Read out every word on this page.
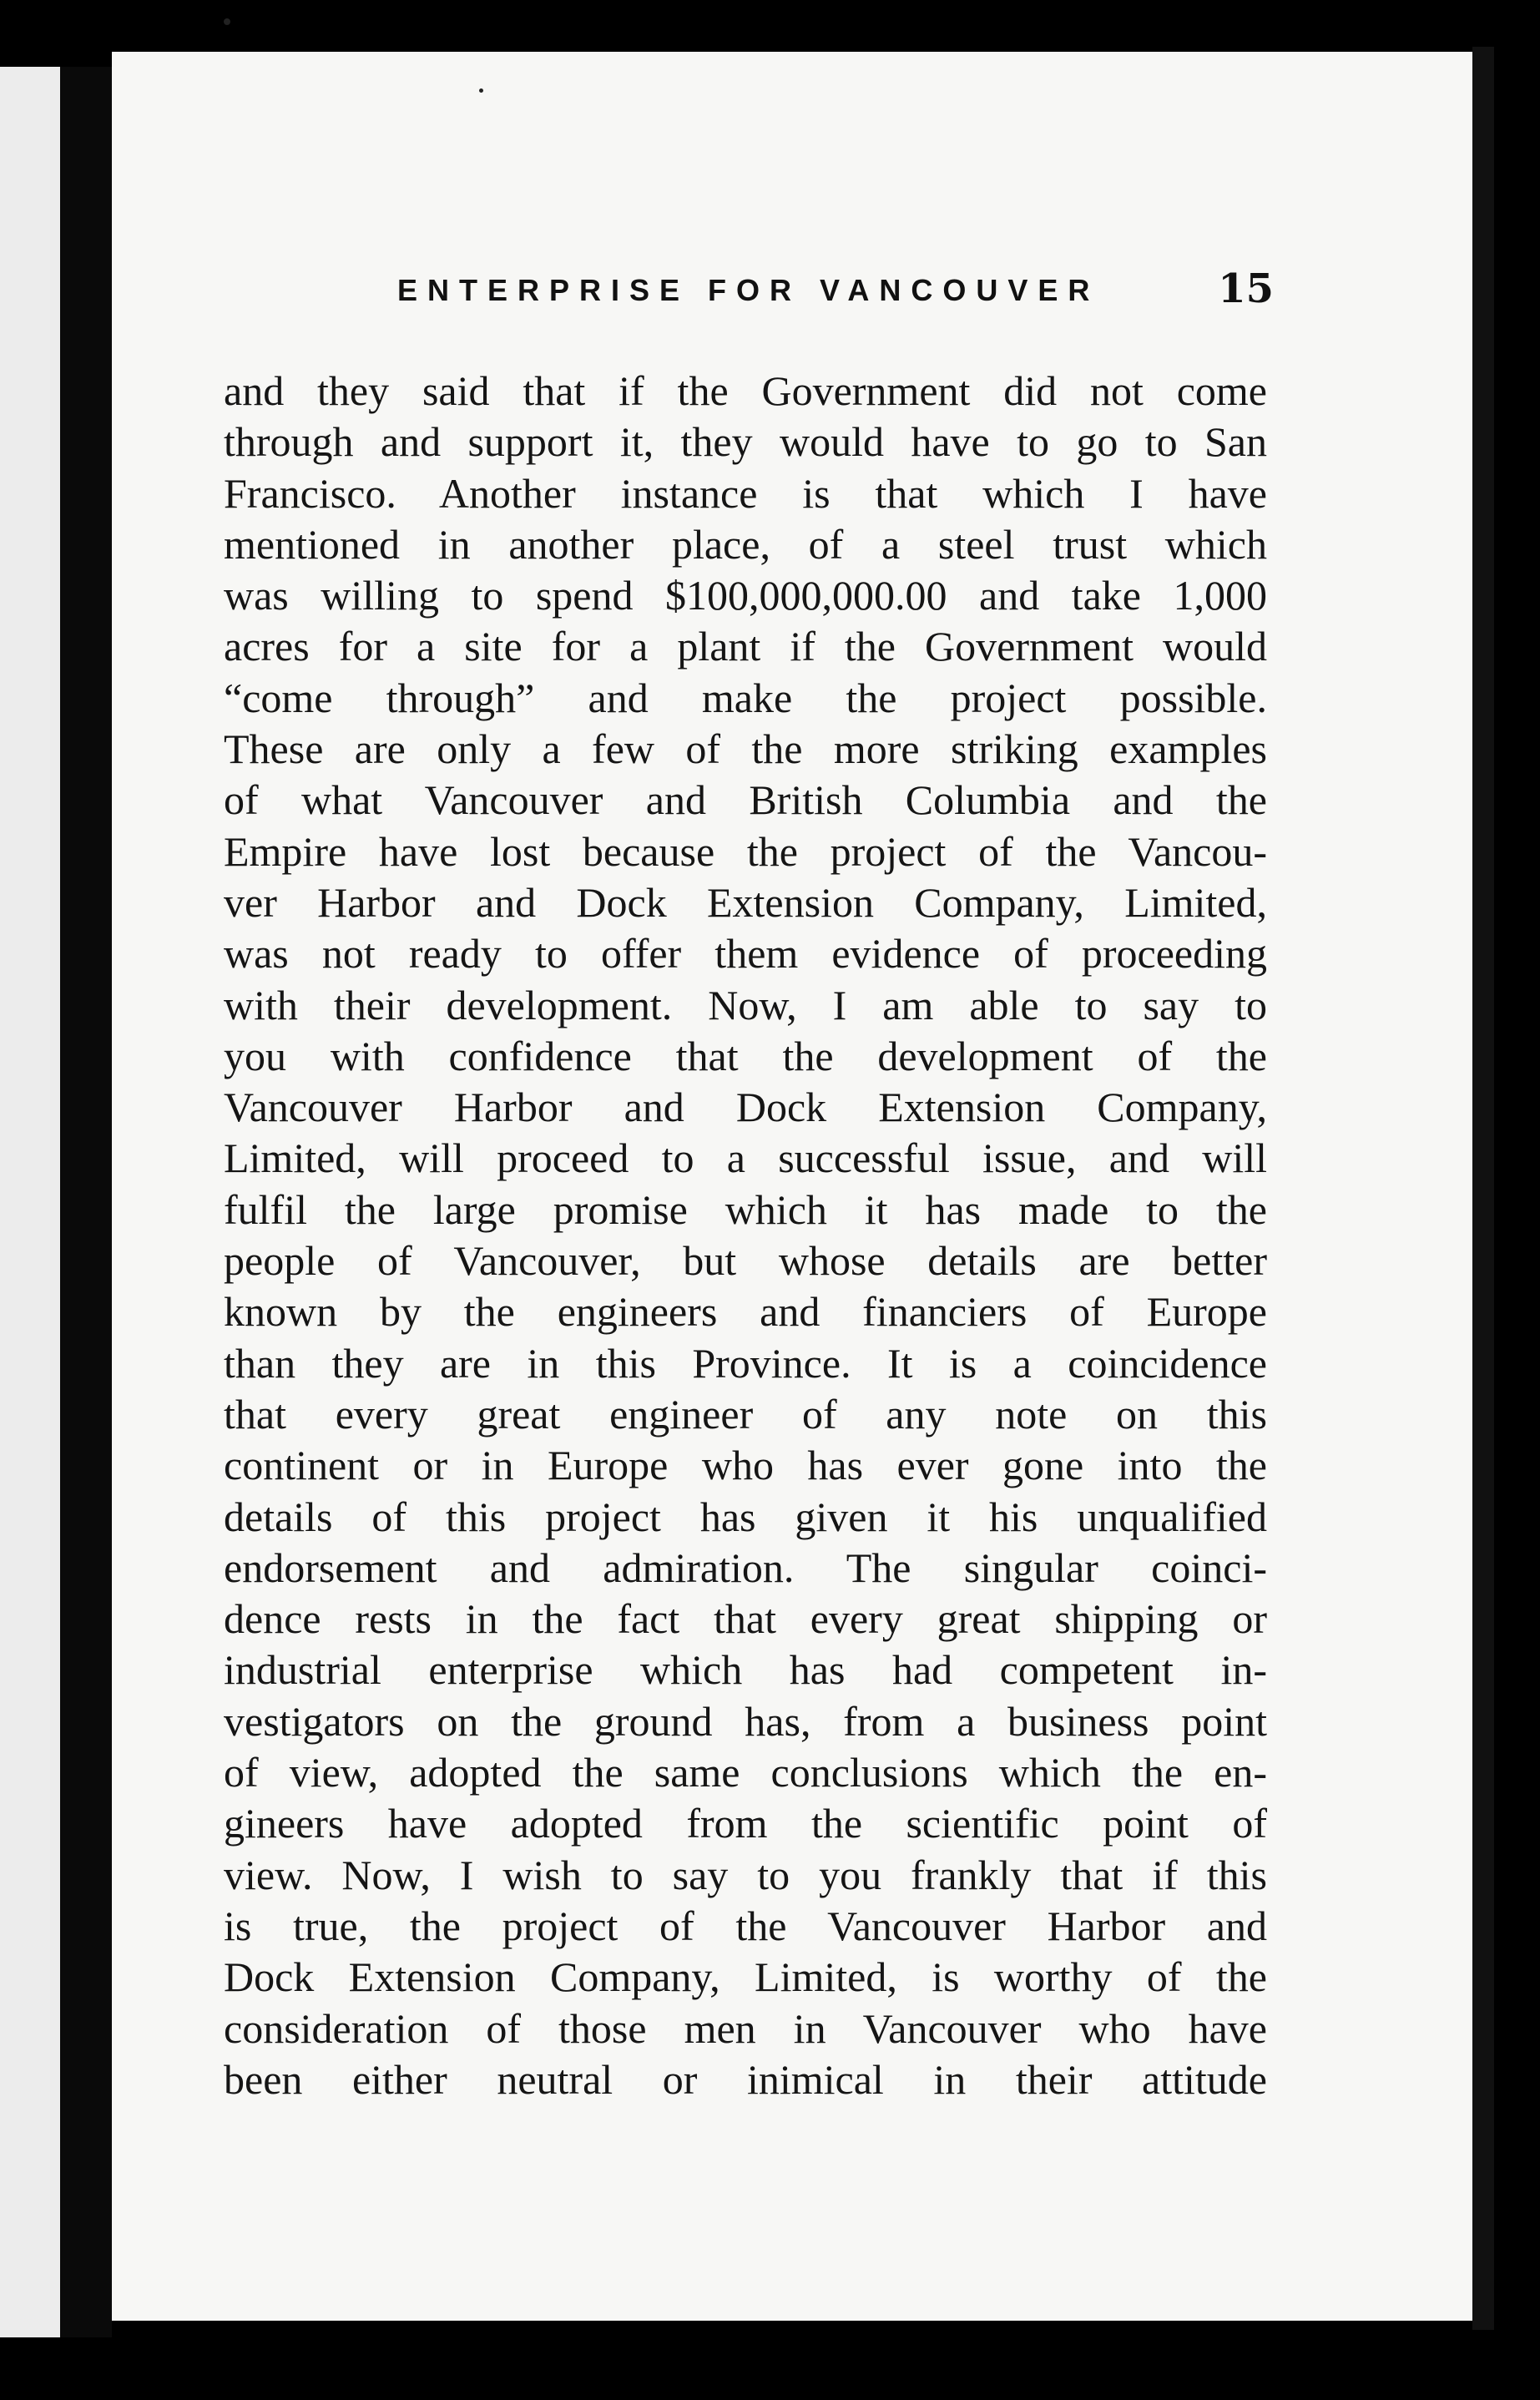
ENTERPRISE FOR VANCOUVER	15
and they said that if the Government did not come
through and support it, they would have to go to San
Francisco. Another instance is that which I have
mentioned in another place, of a steel trust which
was willing to spend $100,000,000.00 and take 1,000
acres for a site for a plant if the Government would
“come through” and make the project possible.
These are only a few of the more striking examples
of what Vancouver and British Columbia and the
Empire have lost because the project of the Vancou-
ver Harbor and Dock Extension Company, Limited,
was not ready to offer them evidence of proceeding
with their development. Now, I am able to say to
you with confidence that the development of the
Vancouver Harbor and Dock Extension Company,
Limited, will proceed to a successful issue, and will
fulfil the large promise which it has made to the
people of Vancouver, but whose details are better
known by the engineers and financiers of Europe
than they are in this Province. It is a coincidence
that every great engineer of any note on this
continent or in Europe who has ever gone into the
details of this project has given it his unqualified
endorsement and admiration. The singular coinci-
dence rests in the fact that every great shipping or
industrial enterprise which has had competent in-
vestigators on the ground has, from a business point
of view, adopted the same conclusions which the en-
gineers have adopted from the scientific point of
view. Now, I wish to say to you frankly that if this
is true, the project of the Vancouver Harbor and
Dock Extension Company, Limited, is worthy of the
consideration of those men in Vancouver who have
been either neutral or inimical in their attitude
